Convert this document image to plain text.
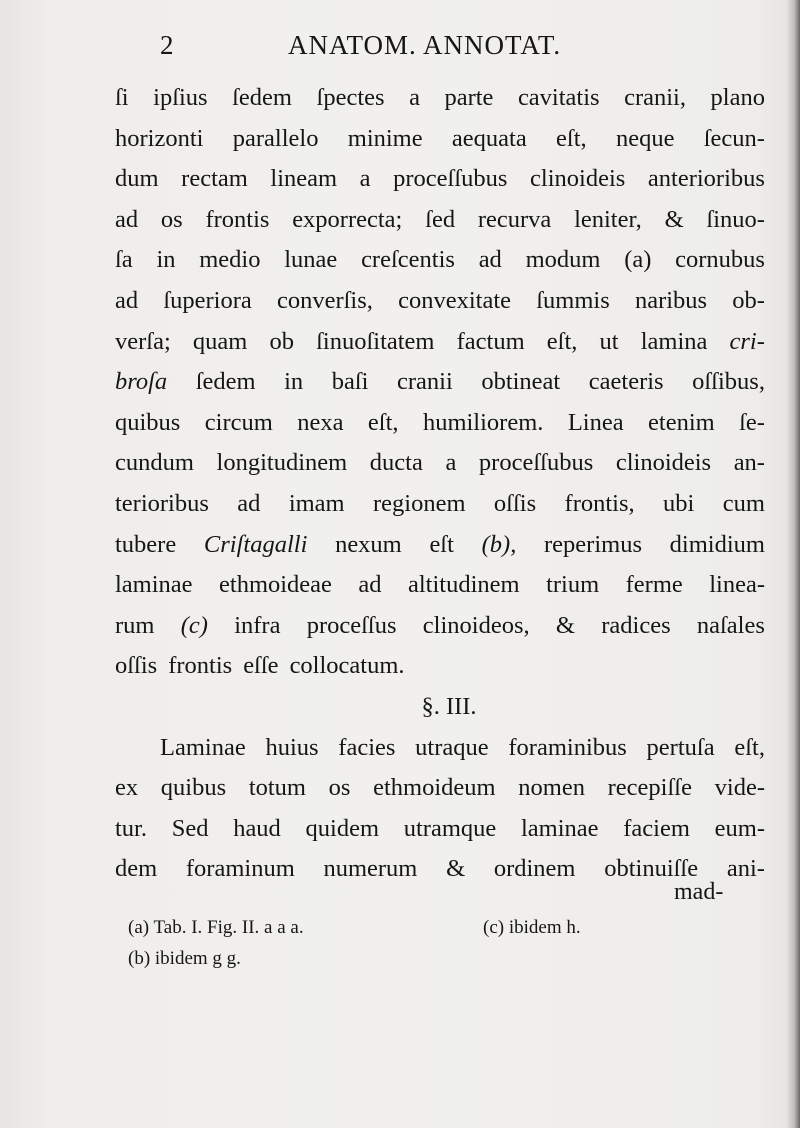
2	ANATOM. ANNOTAT.
ſi ipſius ſedem ſpectes a parte cavitatis cranii, plano
horizonti parallelo minime aequata eſt, neque ſecun-
dum rectam lineam a proceſſubus clinoideis anterioribus
ad os frontis exporrecta; ſed recurva leniter, & ſinuo-
ſa in medio lunae creſcentis ad modum (a) cornubus
ad ſuperiora converſis, convexitate ſummis naribus ob-
verſa; quam ob ſinuoſitatem factum eſt, ut lamina cri-
broſa ſedem in baſi cranii obtineat caeteris oſſibus,
quibus circum nexa eſt, humiliorem. Linea etenim ſe-
cundum longitudinem ducta a proceſſubus clinoideis an-
terioribus ad imam regionem oſſis frontis, ubi cum
tubere Criſtagalli nexum eſt (b), reperimus dimidium
laminae ethmoideae ad altitudinem trium ferme linea-
rum (c) infra proceſſus clinoideos, & radices naſales
oſſis frontis eſſe collocatum.
§. III.
Laminae huius facies utraque foraminibus pertuſa eſt,
ex quibus totum os ethmoideum nomen recepiſſe vide-
tur. Sed haud quidem utramque laminae faciem eum-
dem foraminum numerum & ordinem obtinuiſſe ani-
mad-
(a) Tab. I. Fig. II. a a a.	(c) ibidem h.
(b) ibidem g g.
